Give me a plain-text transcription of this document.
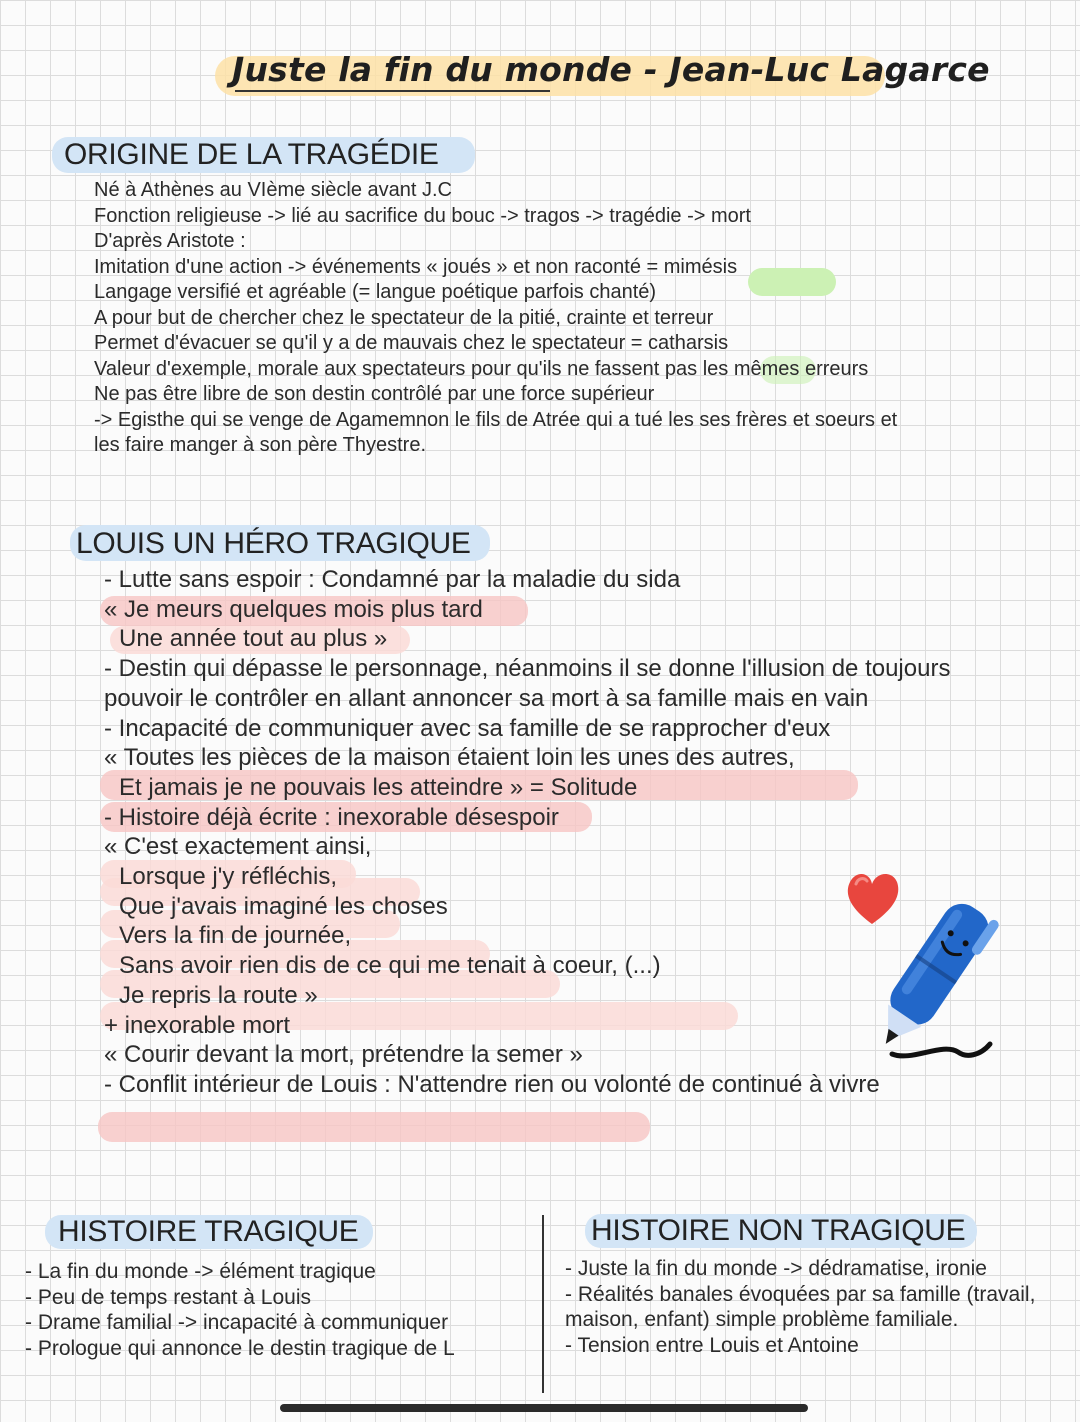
Juste la fin du monde - Jean-Luc Lagarce
ORIGINE DE LA TRAGÉDIE
Né à Athènes au VIème siècle avant J.C
Fonction religieuse -> lié au sacrifice du bouc -> tragos -> tragédie -> mort
D'après Aristote :
Imitation d'une action -> événements « joués » et non raconté = mimésis
Langage versifié et agréable (= langue poétique parfois chanté)
A pour but de chercher chez le spectateur de la pitié, crainte et terreur
Permet d'évacuer se qu'il y a de mauvais chez le spectateur = catharsis
Valeur d'exemple, morale aux spectateurs pour qu'ils ne fassent pas les mêmes erreurs
Ne pas être libre de son destin contrôlé par une force supérieur
-> Egisthe qui se venge de Agamemnon le fils de Atrée qui a tué les ses frères et soeurs et
les faire manger à son père Thyestre.
LOUIS UN HÉRO TRAGIQUE
- Lutte sans espoir : Condamné par la maladie du sida
« Je meurs quelques mois plus tard
Une année tout au plus »
- Destin qui dépasse le personnage, néanmoins il se donne l'illusion de toujours
pouvoir le contrôler en allant annoncer sa mort à sa famille mais en vain
- Incapacité de communiquer avec sa famille de se rapprocher d'eux
« Toutes les pièces de la maison étaient loin les unes des autres,
Et jamais je ne pouvais les atteindre » = Solitude
- Histoire déjà écrite : inexorable désespoir
« C'est exactement ainsi,
Lorsque j'y réfléchis,
Que j'avais imaginé les choses
Vers la fin de journée,
Sans avoir rien dis de ce qui me tenait à coeur, (...)
Je repris la route »
+ inexorable mort
« Courir devant la mort, prétendre la semer »
- Conflit intérieur de Louis : N'attendre rien ou volonté de continué à vivre
HISTOIRE TRAGIQUE
- La fin du monde -> élément tragique
- Peu de temps restant à Louis
- Drame familial -> incapacité à communiquer
- Prologue qui annonce le destin tragique de L
HISTOIRE NON TRAGIQUE
- Juste la fin du monde -> dédramatise, ironie
- Réalités banales évoquées par sa famille (travail,
maison, enfant) simple problème familiale.
- Tension entre Louis et Antoine
